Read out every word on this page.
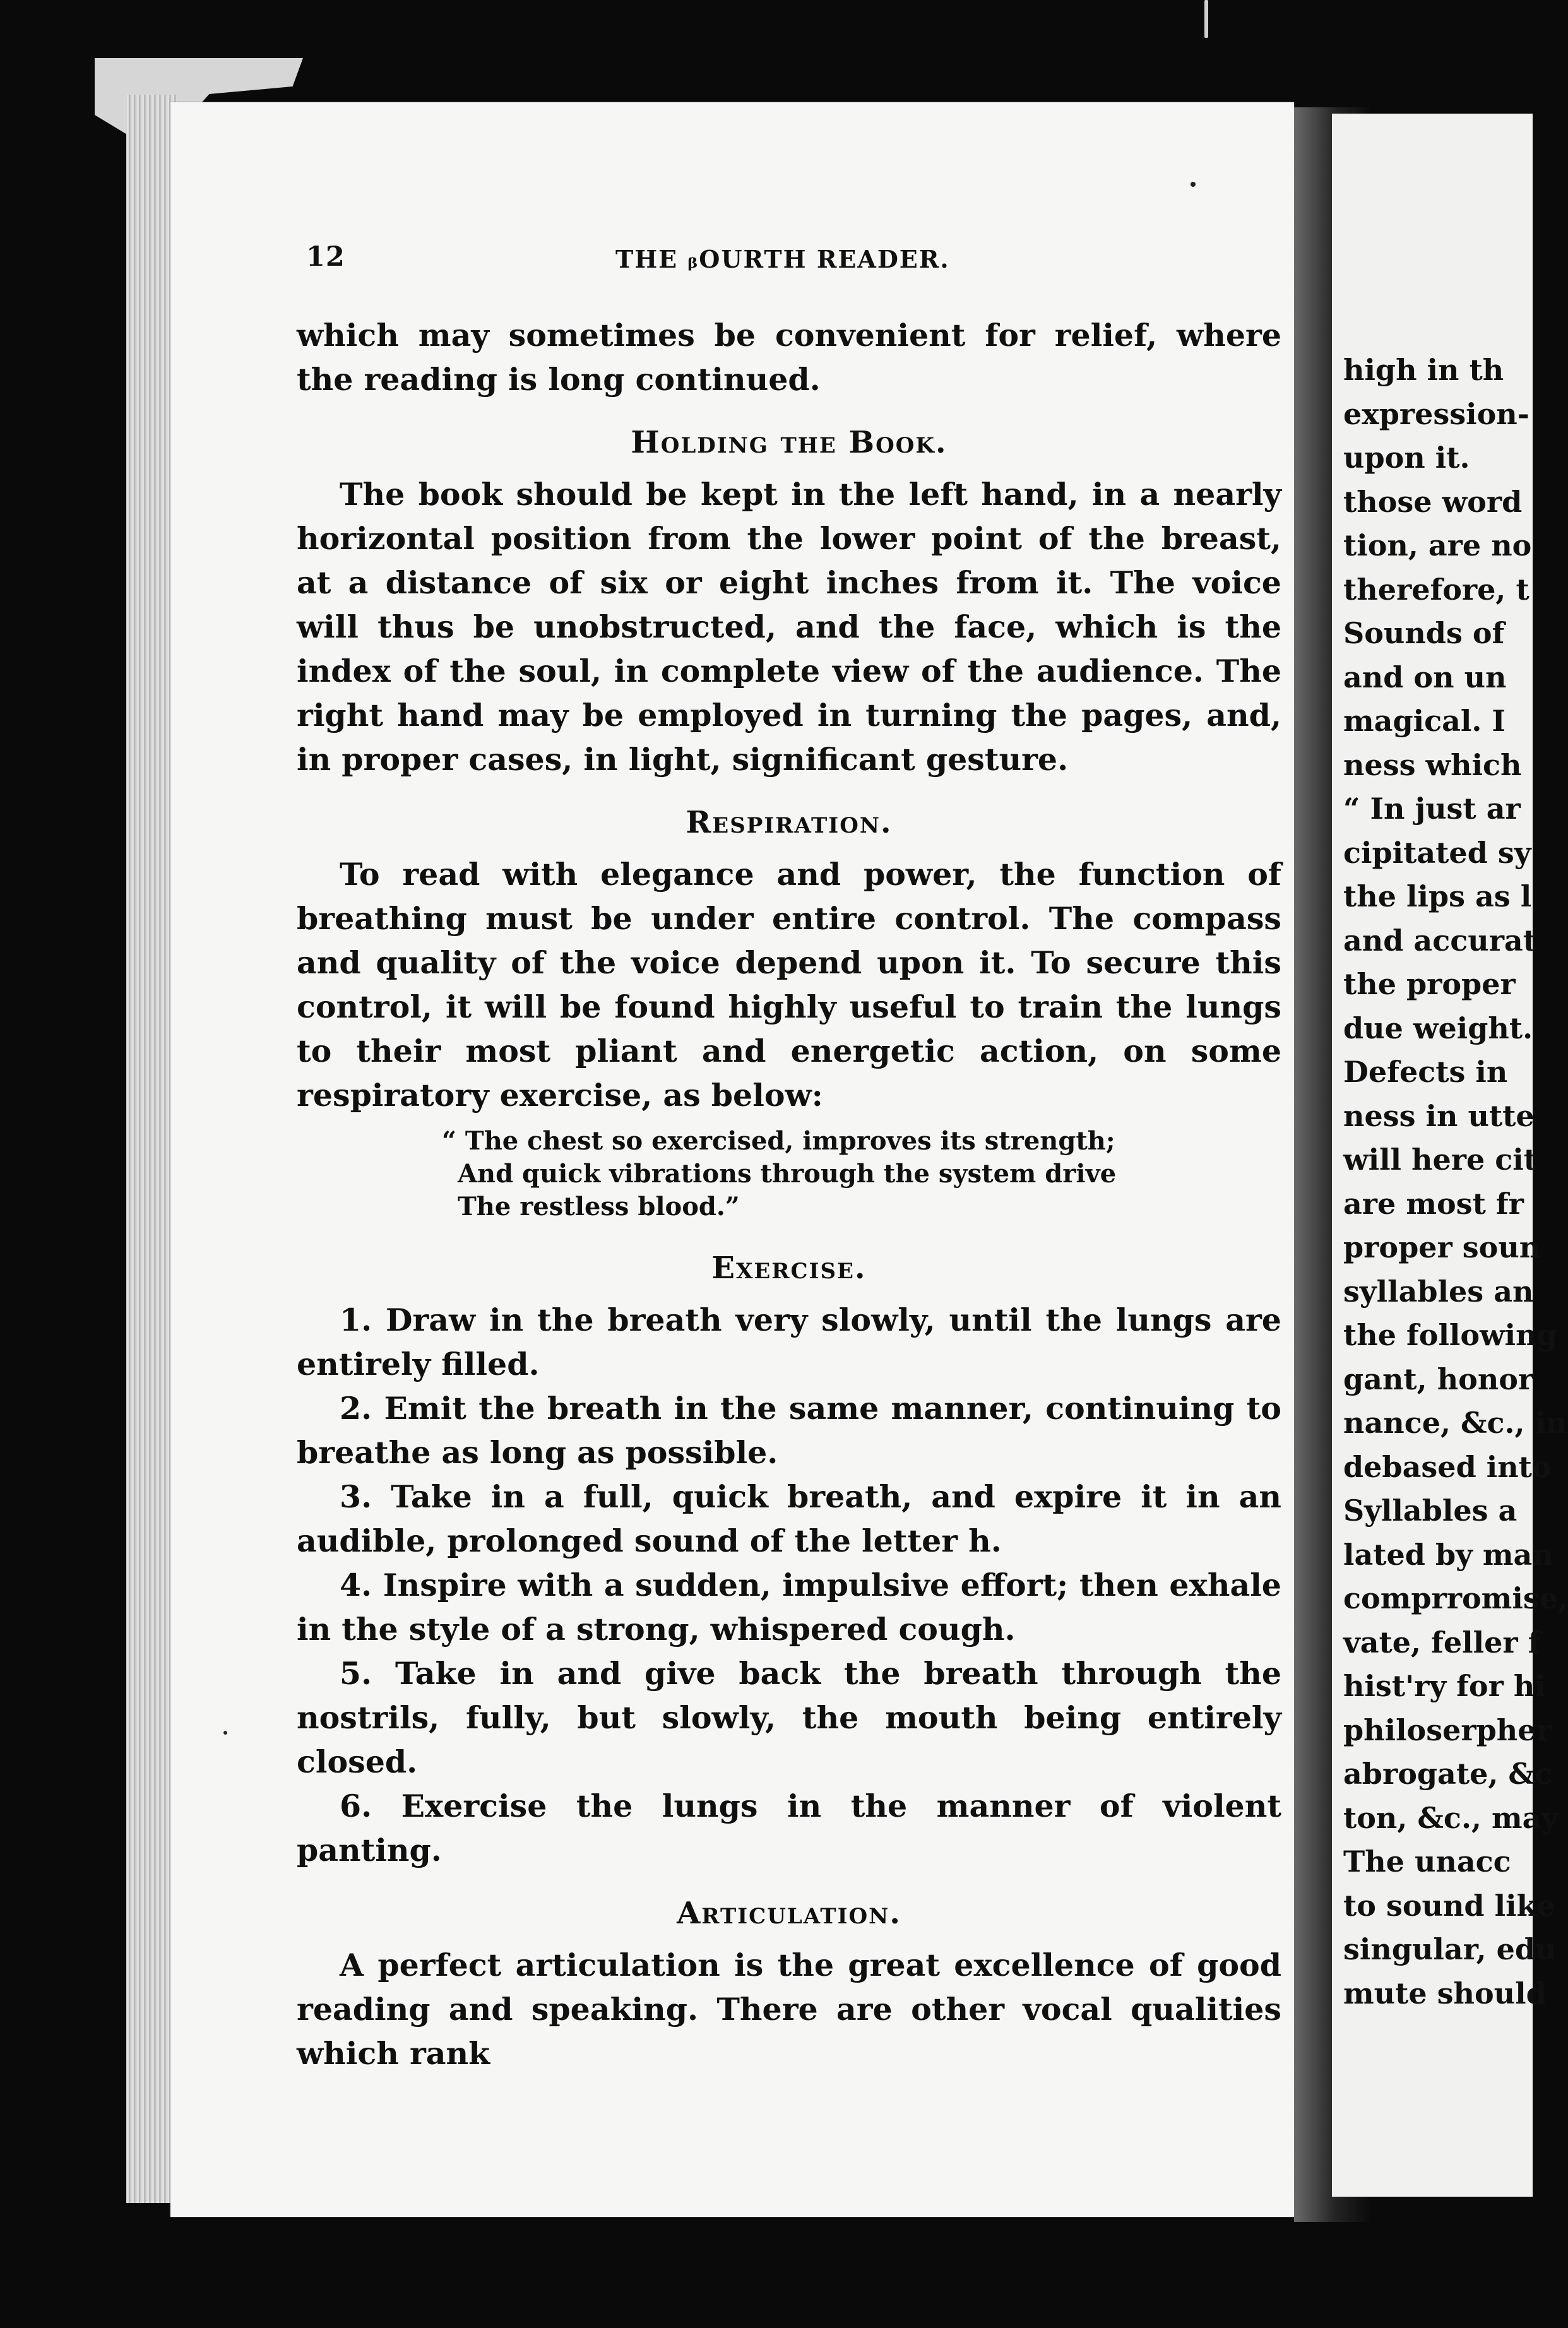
high in th
expression-
upon it.
those word
tion, are no
therefore, t
Sounds of
and on un
magical. I
ness which
“ In just ar
cipitated sy
the lips as l
and accurat
the proper
due weight.
Defects in
ness in utte
will here cit
are most fr
proper soun
syllables an
the following
gant, honor
nance, &c., in
debased into
Syllables a
lated by man
comprromise,
vate, feller f
hist'ry for hi
philoserpher
abrogate, &c
ton, &c., may
The unacc
to sound like
singular, edu
mute should
12	THE ᵦOURTH READER.

which may sometimes be convenient for relief, where the reading is long continued.

Holding the Book.

The book should be kept in the left hand, in a nearly horizontal position from the lower point of the breast, at a distance of six or eight inches from it. The voice will thus be unobstructed, and the face, which is the index of the soul, in complete view of the audience. The right hand may be employed in turning the pages, and, in proper cases, in light, significant gesture.

Respiration.

To read with elegance and power, the function of breathing must be under entire control. The compass and quality of the voice depend upon it. To secure this control, it will be found highly useful to train the lungs to their most pliant and energetic action, on some respiratory exercise, as below:

“ The chest so exercised, improves its strength;
And quick vibrations through the system drive
The restless blood.”

Exercise.

1. Draw in the breath very slowly, until the lungs are entirely filled.

2. Emit the breath in the same manner, continuing to breathe as long as possible.

3. Take in a full, quick breath, and expire it in an audible, prolonged sound of the letter h.

4. Inspire with a sudden, impulsive effort; then exhale in the style of a strong, whispered cough.

5. Take in and give back the breath through the nostrils, fully, but slowly, the mouth being entirely closed.

6. Exercise the lungs in the manner of violent panting.

Articulation.

A perfect articulation is the great excellence of good reading and speaking. There are other vocal qualities which rank
